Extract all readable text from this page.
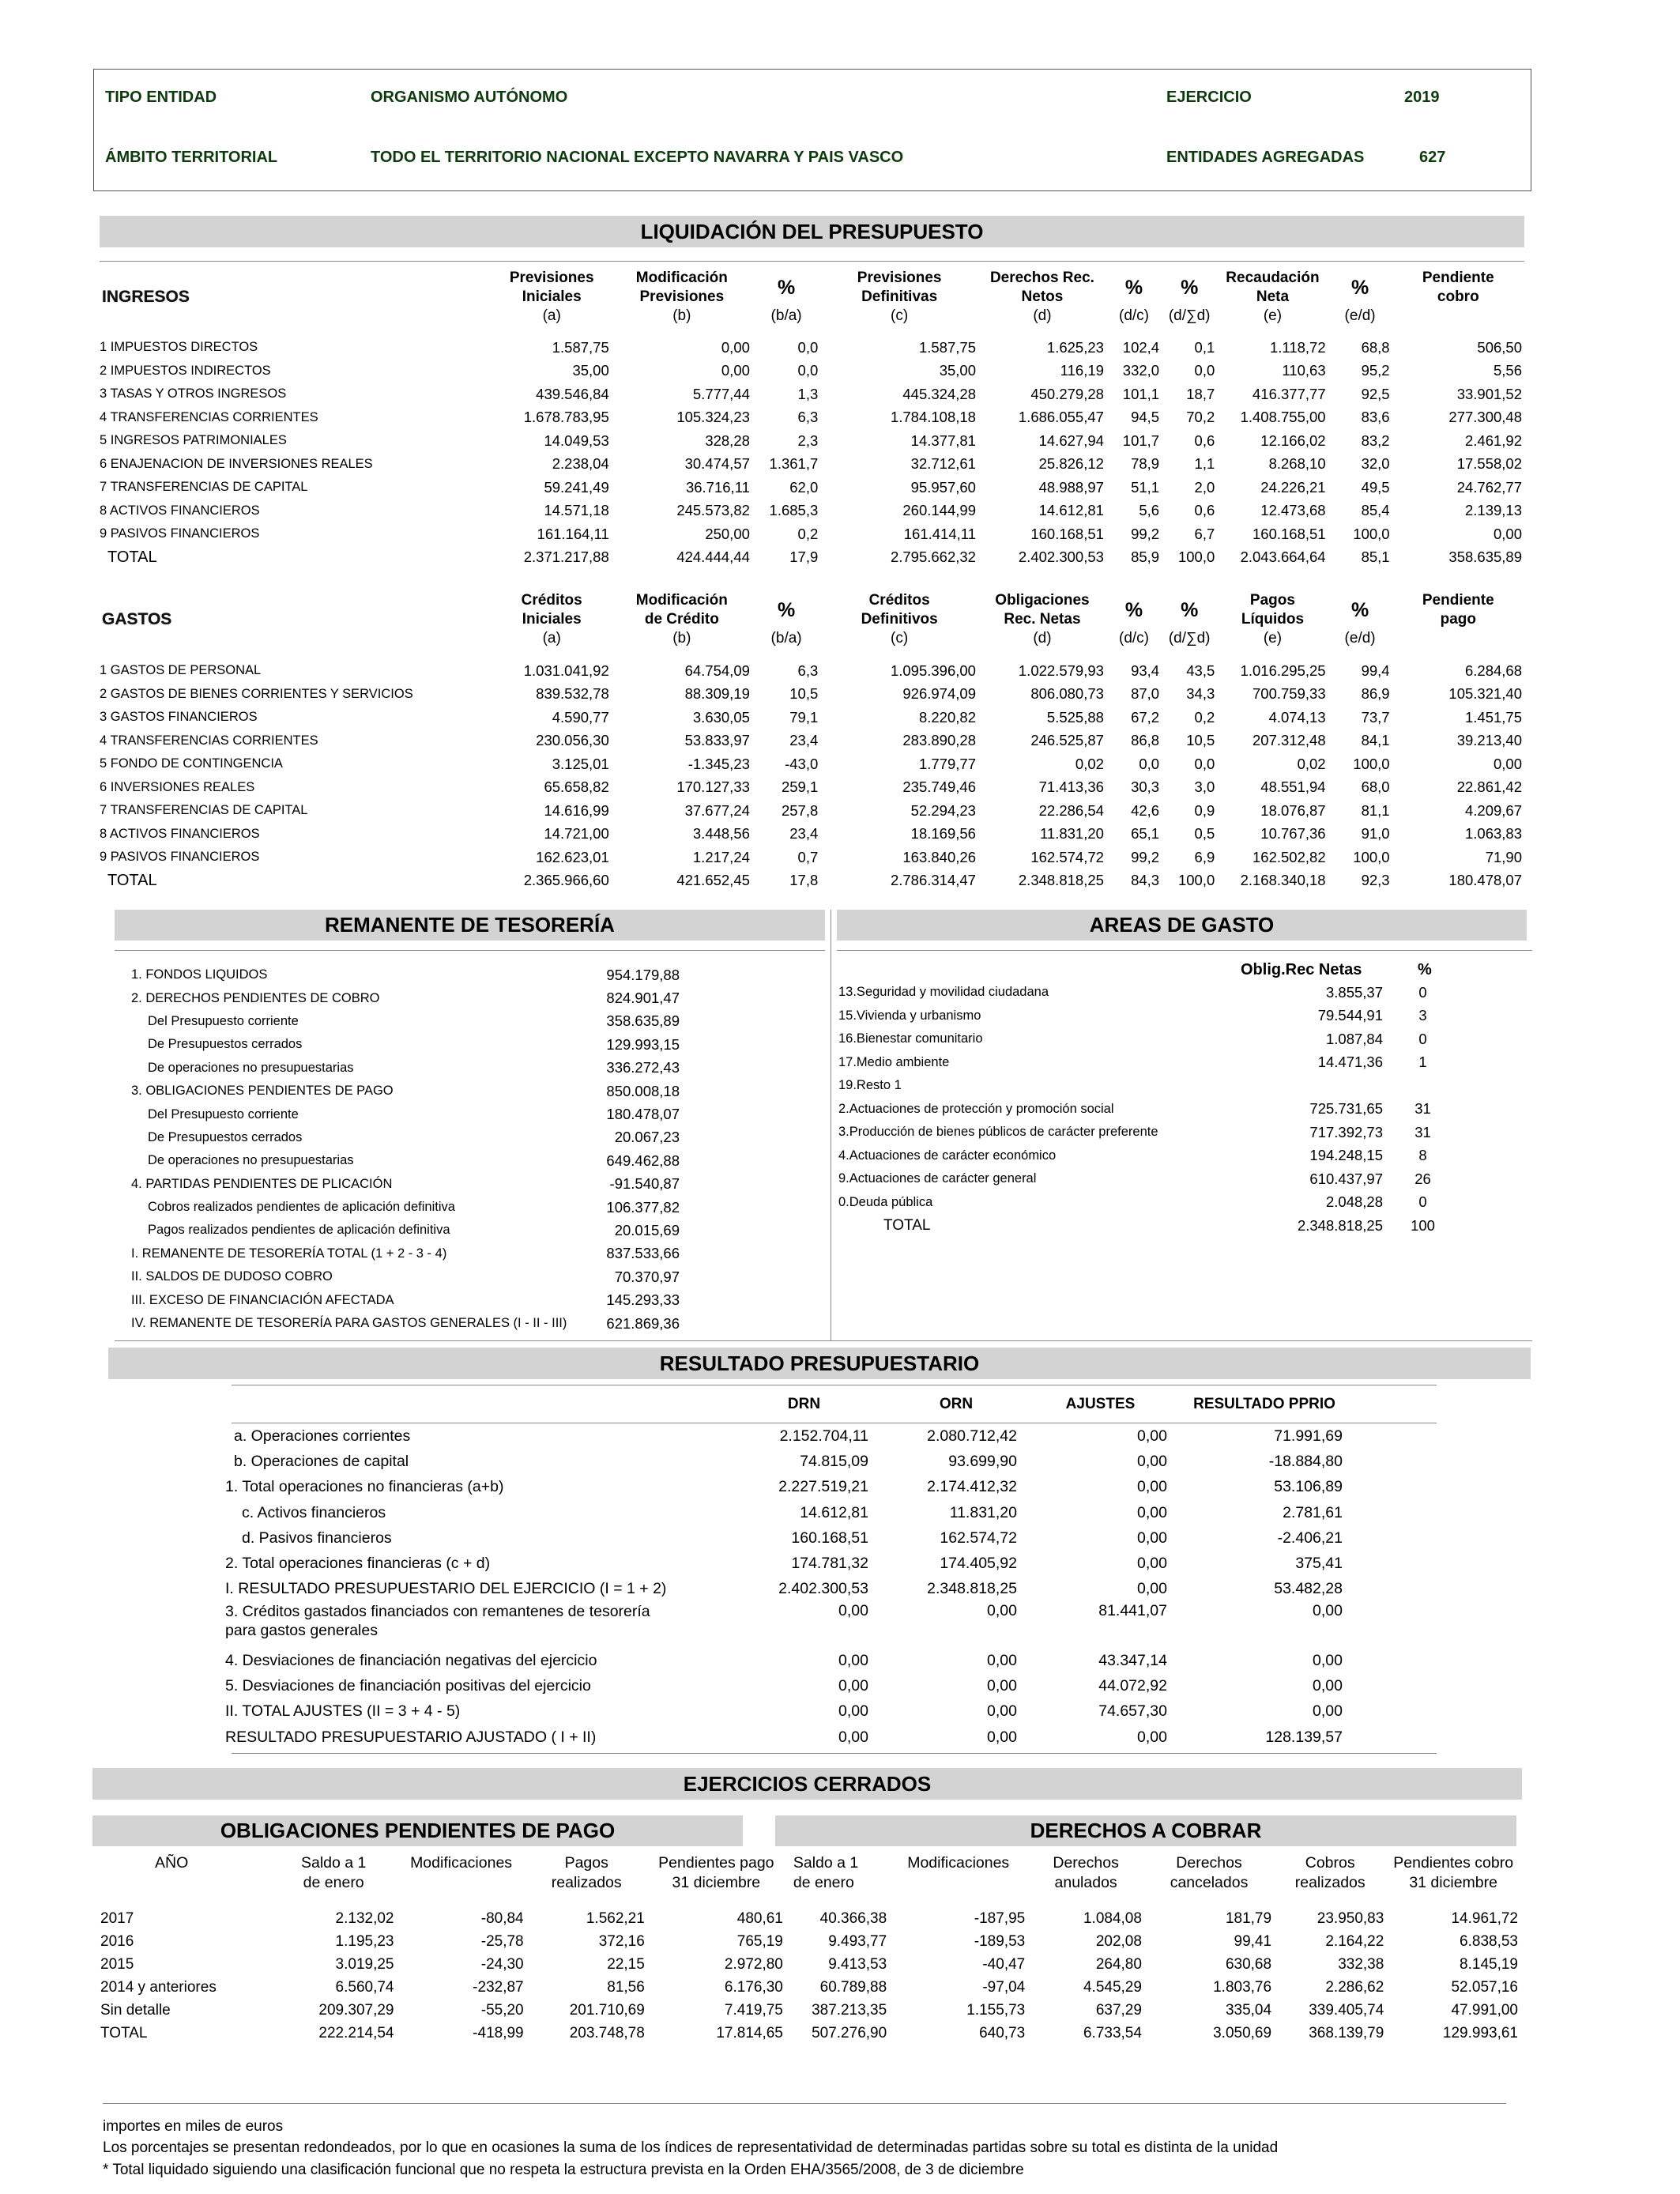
TIPO ENTIDAD	ORGANISMO AUTÓNOMO	EJERCICIO	2019
ÁMBITO TERRITORIAL	TODO EL TERRITORIO NACIONAL EXCEPTO NAVARRA Y PAIS VASCO	ENTIDADES AGREGADAS	627
LIQUIDACIÓN DEL PRESUPUESTO
INGRESOS	Previsiones	Modificación	%	Previsiones	Derechos Rec.	%	%	Recaudación	%	Pendiente
	Iniciales	Previsiones		Definitivas	Netos			Neta		cobro
	(a)	(b)	(b/a)	(c)	(d)	(d/c)	(d/∑d)	(e)	(e/d)	
1 IMPUESTOS DIRECTOS	1.587,75	0,00	0,0	1.587,75	1.625,23	102,4	0,1	1.118,72	68,8	506,50
2 IMPUESTOS INDIRECTOS	35,00	0,00	0,0	35,00	116,19	332,0	0,0	110,63	95,2	5,56
3 TASAS Y OTROS INGRESOS	439.546,84	5.777,44	1,3	445.324,28	450.279,28	101,1	18,7	416.377,77	92,5	33.901,52
4 TRANSFERENCIAS CORRIENTES	1.678.783,95	105.324,23	6,3	1.784.108,18	1.686.055,47	94,5	70,2	1.408.755,00	83,6	277.300,48
5 INGRESOS PATRIMONIALES	14.049,53	328,28	2,3	14.377,81	14.627,94	101,7	0,6	12.166,02	83,2	2.461,92
6 ENAJENACION DE INVERSIONES REALES	2.238,04	30.474,57	1.361,7	32.712,61	25.826,12	78,9	1,1	8.268,10	32,0	17.558,02
7 TRANSFERENCIAS DE CAPITAL	59.241,49	36.716,11	62,0	95.957,60	48.988,97	51,1	2,0	24.226,21	49,5	24.762,77
8 ACTIVOS FINANCIEROS	14.571,18	245.573,82	1.685,3	260.144,99	14.612,81	5,6	0,6	12.473,68	85,4	2.139,13
9 PASIVOS FINANCIEROS	161.164,11	250,00	0,2	161.414,11	160.168,51	99,2	6,7	160.168,51	100,0	0,00
TOTAL	2.371.217,88	424.444,44	17,9	2.795.662,32	2.402.300,53	85,9	100,0	2.043.664,64	85,1	358.635,89
GASTOS	Créditos	Modificación	%	Créditos	Obligaciones	%	%	Pagos	%	Pendiente
	Iniciales	de Crédito		Definitivos	Rec. Netas			Líquidos		pago
	(a)	(b)	(b/a)	(c)	(d)	(d/c)	(d/∑d)	(e)	(e/d)	
1 GASTOS DE PERSONAL	1.031.041,92	64.754,09	6,3	1.095.396,00	1.022.579,93	93,4	43,5	1.016.295,25	99,4	6.284,68
2 GASTOS DE BIENES CORRIENTES Y SERVICIOS	839.532,78	88.309,19	10,5	926.974,09	806.080,73	87,0	34,3	700.759,33	86,9	105.321,40
3 GASTOS FINANCIEROS	4.590,77	3.630,05	79,1	8.220,82	5.525,88	67,2	0,2	4.074,13	73,7	1.451,75
4 TRANSFERENCIAS CORRIENTES	230.056,30	53.833,97	23,4	283.890,28	246.525,87	86,8	10,5	207.312,48	84,1	39.213,40
5 FONDO DE CONTINGENCIA	3.125,01	-1.345,23	-43,0	1.779,77	0,02	0,0	0,0	0,02	100,0	0,00
6 INVERSIONES REALES	65.658,82	170.127,33	259,1	235.749,46	71.413,36	30,3	3,0	48.551,94	68,0	22.861,42
7 TRANSFERENCIAS DE CAPITAL	14.616,99	37.677,24	257,8	52.294,23	22.286,54	42,6	0,9	18.076,87	81,1	4.209,67
8 ACTIVOS FINANCIEROS	14.721,00	3.448,56	23,4	18.169,56	11.831,20	65,1	0,5	10.767,36	91,0	1.063,83
9 PASIVOS FINANCIEROS	162.623,01	1.217,24	0,7	163.840,26	162.574,72	99,2	6,9	162.502,82	100,0	71,90
TOTAL	2.365.966,60	421.652,45	17,8	2.786.314,47	2.348.818,25	84,3	100,0	2.168.340,18	92,3	180.478,07
REMANENTE DE TESORERÍA	AREAS DE GASTO
1. FONDOS LIQUIDOS	954.179,88	
2. DERECHOS PENDIENTES DE COBRO	824.901,47	
Del Presupuesto corriente	358.635,89	
De Presupuestos cerrados	129.993,15	
De operaciones no presupuestarias	336.272,43	
3. OBLIGACIONES PENDIENTES DE PAGO	850.008,18	
Del Presupuesto corriente	180.478,07	
De Presupuestos cerrados	20.067,23	
De operaciones no presupuestarias	649.462,88	
4. PARTIDAS PENDIENTES DE PLICACIÓN	-91.540,87	
Cobros realizados pendientes de aplicación definitiva	106.377,82	
Pagos realizados pendientes de aplicación definitiva	20.015,69	
I. REMANENTE DE TESORERÍA TOTAL (1 + 2 - 3 - 4)	837.533,66	
II. SALDOS DE DUDOSO COBRO	70.370,97	
III. EXCESO DE FINANCIACIÓN AFECTADA	145.293,33	
IV. REMANENTE DE TESORERÍA PARA GASTOS GENERALES (I - II - III)	621.869,36	
Oblig.Rec Netas	%
13.Seguridad y movilidad ciudadana	3.855,37	0
15.Vivienda y urbanismo	79.544,91	3
16.Bienestar comunitario	1.087,84	0
17.Medio ambiente	14.471,36	1
19.Resto 1		
2.Actuaciones de protección y promoción social	725.731,65	31
3.Producción de bienes públicos de carácter preferente	717.392,73	31
4.Actuaciones de carácter económico	194.248,15	8
9.Actuaciones de carácter general	610.437,97	26
0.Deuda pública	2.048,28	0
TOTAL	2.348.818,25	100
RESULTADO PRESUPUESTARIO
DRN	ORN	AJUSTES	RESULTADO PPRIO
a. Operaciones corrientes	2.152.704,11	2.080.712,42	0,00	71.991,69
b. Operaciones de capital	74.815,09	93.699,90	0,00	-18.884,80
1. Total operaciones no financieras (a+b)	2.227.519,21	2.174.412,32	0,00	53.106,89
c. Activos financieros	14.612,81	11.831,20	0,00	2.781,61
d. Pasivos financieros	160.168,51	162.574,72	0,00	-2.406,21
2. Total operaciones financieras (c + d)	174.781,32	174.405,92	0,00	375,41
I. RESULTADO PRESUPUESTARIO DEL EJERCICIO (I = 1 + 2)	2.402.300,53	2.348.818,25	0,00	53.482,28

3. Créditos gastados financiados con remantenes de tesorería
para gastos generales	0,00	0,00	81.441,07	0,00
4. Desviaciones de financiación negativas del ejercicio	0,00	0,00	43.347,14	0,00
5. Desviaciones de financiación positivas del ejercicio	0,00	0,00	44.072,92	0,00
II. TOTAL AJUSTES (II = 3 + 4 - 5)	0,00	0,00	74.657,30	0,00
RESULTADO PRESUPUESTARIO AJUSTADO ( I + II)	0,00	0,00	0,00	128.139,57
EJERCICIOS CERRADOS
OBLIGACIONES PENDIENTES DE PAGO	DERECHOS A COBRAR
AÑO	Saldo a 1	Modificaciones	Pagos	Pendientes pago	Saldo a 1	Modificaciones	Derechos	Derechos	Cobros	Pendientes cobro
	de enero		realizados	31 diciembre	de enero		anulados	cancelados	realizados	31 diciembre
2017	2.132,02	-80,84	1.562,21	480,61	40.366,38	-187,95	1.084,08	181,79	23.950,83	14.961,72
2016	1.195,23	-25,78	372,16	765,19	9.493,77	-189,53	202,08	99,41	2.164,22	6.838,53
2015	3.019,25	-24,30	22,15	2.972,80	9.413,53	-40,47	264,80	630,68	332,38	8.145,19
2014 y anteriores	6.560,74	-232,87	81,56	6.176,30	60.789,88	-97,04	4.545,29	1.803,76	2.286,62	52.057,16
Sin detalle	209.307,29	-55,20	201.710,69	7.419,75	387.213,35	1.155,73	637,29	335,04	339.405,74	47.991,00
TOTAL	222.214,54	-418,99	203.748,78	17.814,65	507.276,90	640,73	6.733,54	3.050,69	368.139,79	129.993,61
importes en miles de euros
Los porcentajes se presentan redondeados, por lo que en ocasiones la suma de los índices de representatividad de determinadas partidas sobre su total es distinta de la unidad
* Total liquidado siguiendo una clasificación funcional que no respeta la estructura prevista en la Orden EHA/3565/2008, de 3 de diciembre
